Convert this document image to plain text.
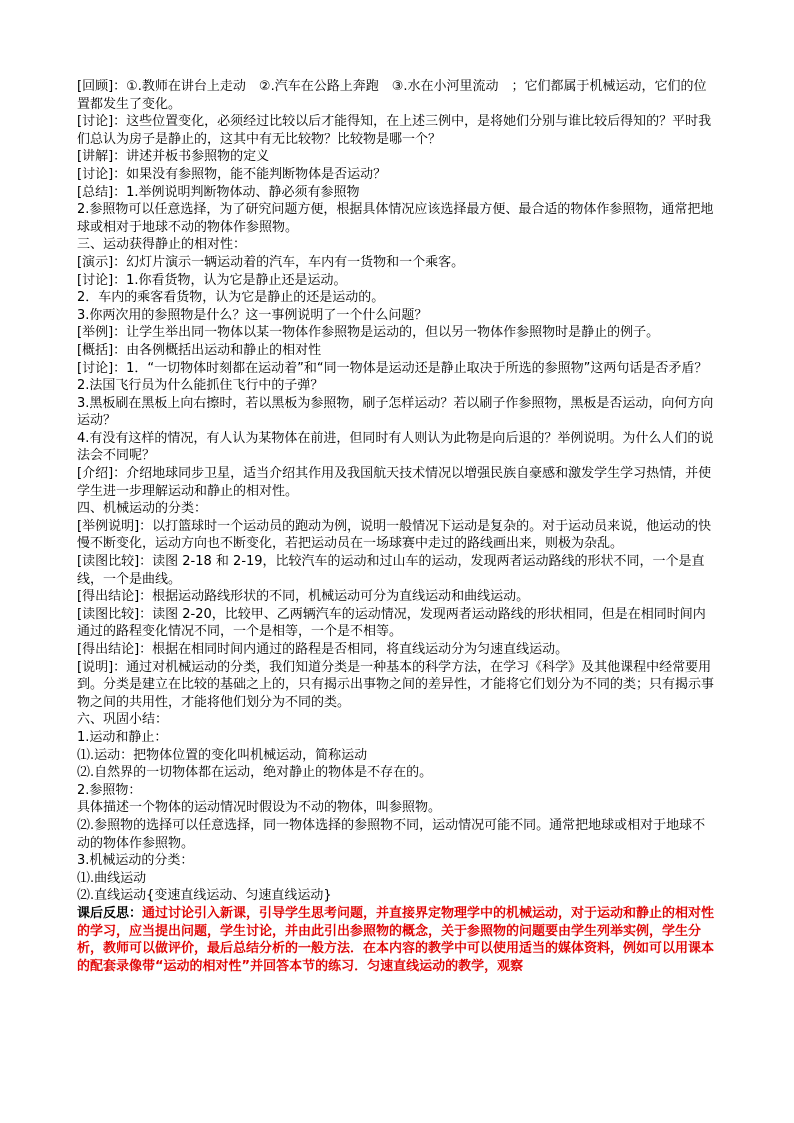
[回顾]：①.教师在讲台上走动　②.汽车在公路上奔跑　③.水在小河里流动　；它们都属于机械运动，它们的位置都发生了变化。
[讨论]：这些位置变化，必须经过比较以后才能得知，在上述三例中，是将她们分别与谁比较后得知的？平时我们总认为房子是静止的，这其中有无比较物？比较物是哪一个？
[讲解]：讲述并板书参照物的定义
[讨论]：如果没有参照物，能不能判断物体是否运动？
[总结]：1.举例说明判断物体动、静必须有参照物
2.参照物可以任意选择，为了研究问题方便，根据具体情况应该选择最方便、最合适的物体作参照物，通常把地球或相对于地球不动的物体作参照物。
三、运动获得静止的相对性：
[演示]：幻灯片演示一辆运动着的汽车，车内有一货物和一个乘客。
[讨论]：1.你看货物，认为它是静止还是运动。
2．车内的乘客看货物，认为它是静止的还是运动的。
3.你两次用的参照物是什么？这一事例说明了一个什么问题？
[举例]：让学生举出同一物体以某一物体作参照物是运动的，但以另一物体作参照物时是静止的例子。
[概括]：由各例概括出运动和静止的相对性
[讨论]：1．“一切物体时刻都在运动着”和“同一物体是运动还是静止取决于所选的参照物”这两句话是否矛盾？
2.法国飞行员为什么能抓住飞行中的子弹？
3.黑板刷在黑板上向右擦时，若以黑板为参照物，刷子怎样运动？若以刷子作参照物，黑板是否运动，向何方向运动？
4.有没有这样的情况，有人认为某物体在前进，但同时有人则认为此物是向后退的？举例说明。为什么人们的说法会不同呢？
[介绍]：介绍地球同步卫星，适当介绍其作用及我国航天技术情况以增强民族自豪感和激发学生学习热情，并使学生进一步理解运动和静止的相对性。
四、机械运动的分类：
[举例说明]：以打篮球时一个运动员的跑动为例，说明一般情况下运动是复杂的。对于运动员来说，他运动的快慢不断变化，运动方向也不断变化，若把运动员在一场球赛中走过的路线画出来，则极为杂乱。
[读图比较]：读图 2-18 和 2-19，比较汽车的运动和过山车的运动，发现两者运动路线的形状不同，一个是直线，一个是曲线。
[得出结论]：根据运动路线形状的不同，机械运动可分为直线运动和曲线运动。
[读图比较]：读图 2-20，比较甲、乙两辆汽车的运动情况，发现两者运动路线的形状相同，但是在相同时间内通过的路程变化情况不同，一个是相等，一个是不相等。
[得出结论]：根据在相同时间内通过的路程是否相同，将直线运动分为匀速直线运动。
[说明]：通过对机械运动的分类，我们知道分类是一种基本的科学方法，在学习《科学》及其他课程中经常要用到。分类是建立在比较的基础之上的，只有揭示出事物之间的差异性，才能将它们划分为不同的类；只有揭示事物之间的共用性，才能将他们划分为不同的类。
六、巩固小结：
1.运动和静止：
⑴.运动：把物体位置的变化叫机械运动，简称运动
⑵.自然界的一切物体都在运动，绝对静止的物体是不存在的。
2.参照物：
具体描述一个物体的运动情况时假设为不动的物体，叫参照物。
⑵.参照物的选择可以任意选择，同一物体选择的参照物不同，运动情况可能不同。通常把地球或相对于地球不动的物体作参照物。
3.机械运动的分类：
⑴.曲线运动
⑵.直线运动{变速直线运动、匀速直线运动}
课后反思：通过讨论引入新课，引导学生思考问题，并直接界定物理学中的机械运动，对于运动和静止的相对性的学习，应当提出问题，学生讨论，并由此引出参照物的概念，关于参照物的问题要由学生列举实例，学生分析，教师可以做评价，最后总结分析的一般方法．在本内容的教学中可以使用适当的媒体资料，例如可以用课本的配套录像带“运动的相对性”并回答本节的练习．匀速直线运动的教学，观察
